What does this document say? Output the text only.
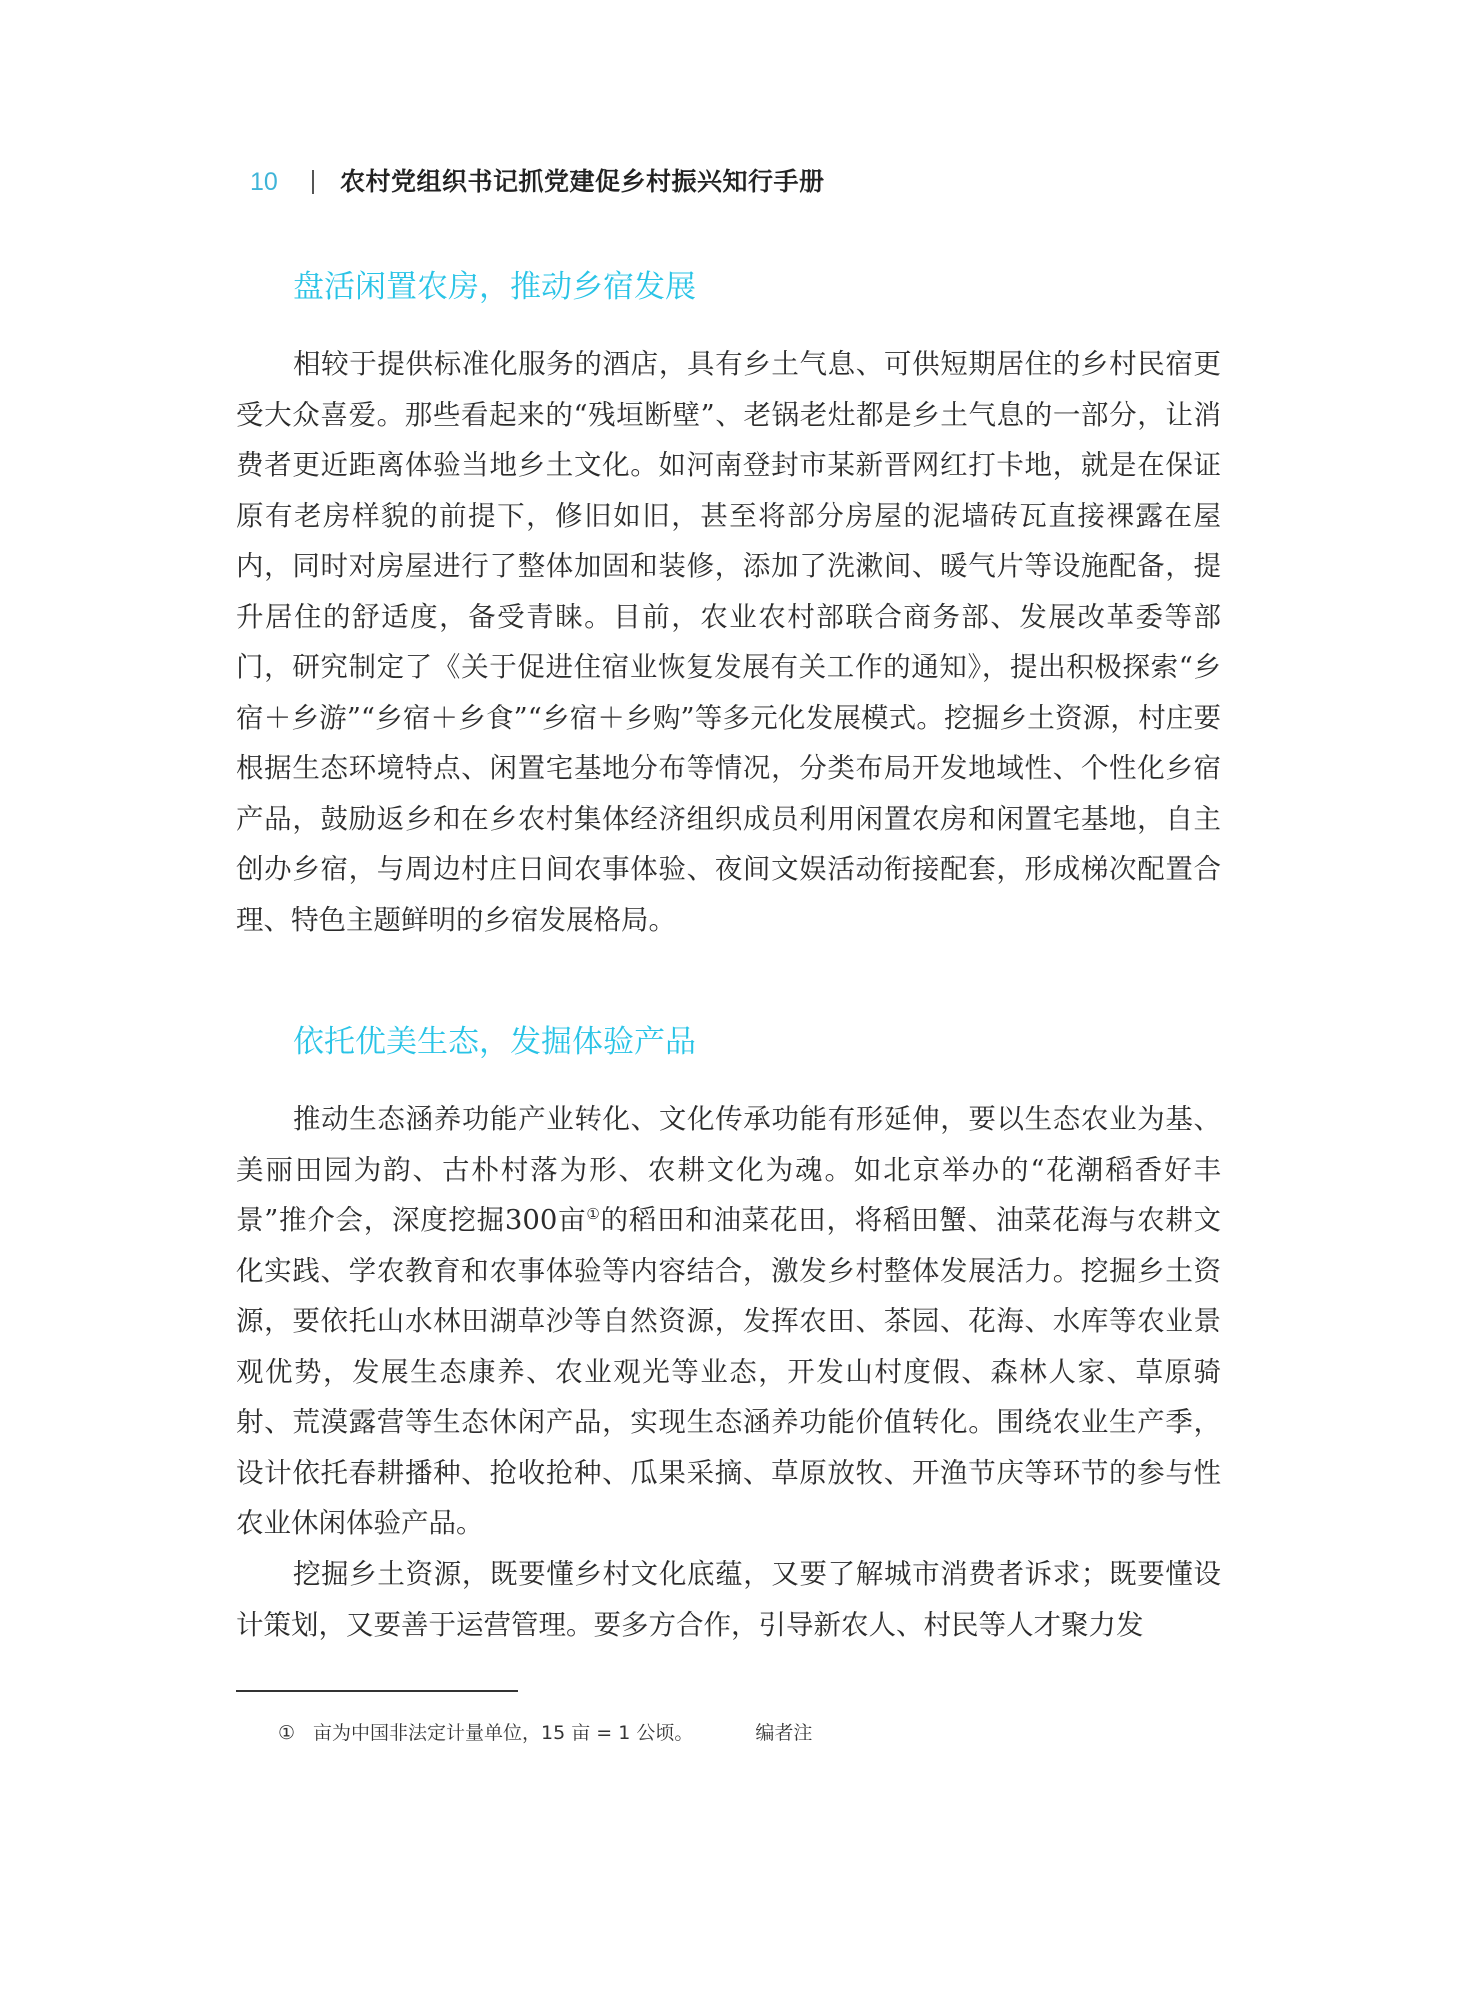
10 农村党组织书记抓党建促乡村振兴知行手册
盘活闲置农房，推动乡宿发展

相较于提供标准化服务的酒店，具有乡土气息、可供短期居住的乡村民宿更受大众喜爱。那些看起来的“残垣断壁”、老锅老灶都是乡土气息的一部分，让消费者更近距离体验当地乡土文化。如河南登封市某新晋网红打卡地，就是在保证原有老房样貌的前提下，修旧如旧，甚至将部分房屋的泥墙砖瓦直接裸露在屋内，同时对房屋进行了整体加固和装修，添加了洗漱间、暖气片等设施配备，提升居住的舒适度，备受青睐。目前，农业农村部联合商务部、发展改革委等部门，研究制定了《关于促进住宿业恢复发展有关工作的通知》，提出积极探索“乡宿＋乡游”“乡宿＋乡食”“乡宿＋乡购”等多元化发展模式。挖掘乡土资源，村庄要根据生态环境特点、闲置宅基地分布等情况，分类布局开发地域性、个性化乡宿产品，鼓励返乡和在乡农村集体经济组织成员利用闲置农房和闲置宅基地，自主创办乡宿，与周边村庄日间农事体验、夜间文娱活动衔接配套，形成梯次配置合理、特色主题鲜明的乡宿发展格局。

依托优美生态，发掘体验产品

推动生态涵养功能产业转化、文化传承功能有形延伸，要以生态农业为基、美丽田园为韵、古朴村落为形、农耕文化为魂。如北京举办的“花潮稻香好丰景”推介会，深度挖掘300亩①的稻田和油菜花田，将稻田蟹、油菜花海与农耕文化实践、学农教育和农事体验等内容结合，激发乡村整体发展活力。挖掘乡土资源，要依托山水林田湖草沙等自然资源，发挥农田、茶园、花海、水库等农业景观优势，发展生态康养、农业观光等业态，开发山村度假、森林人家、草原骑射、荒漠露营等生态休闲产品，实现生态涵养功能价值转化。围绕农业生产季，设计依托春耕播种、抢收抢种、瓜果采摘、草原放牧、开渔节庆等环节的参与性农业休闲体验产品。

挖掘乡土资源，既要懂乡村文化底蕴，又要了解城市消费者诉求；既要懂设计策划，又要善于运营管理。要多方合作，引导新农人、村民等人才聚力发

① 亩为中国非法定计量单位，15 亩 = 1 公顷。	编者注
